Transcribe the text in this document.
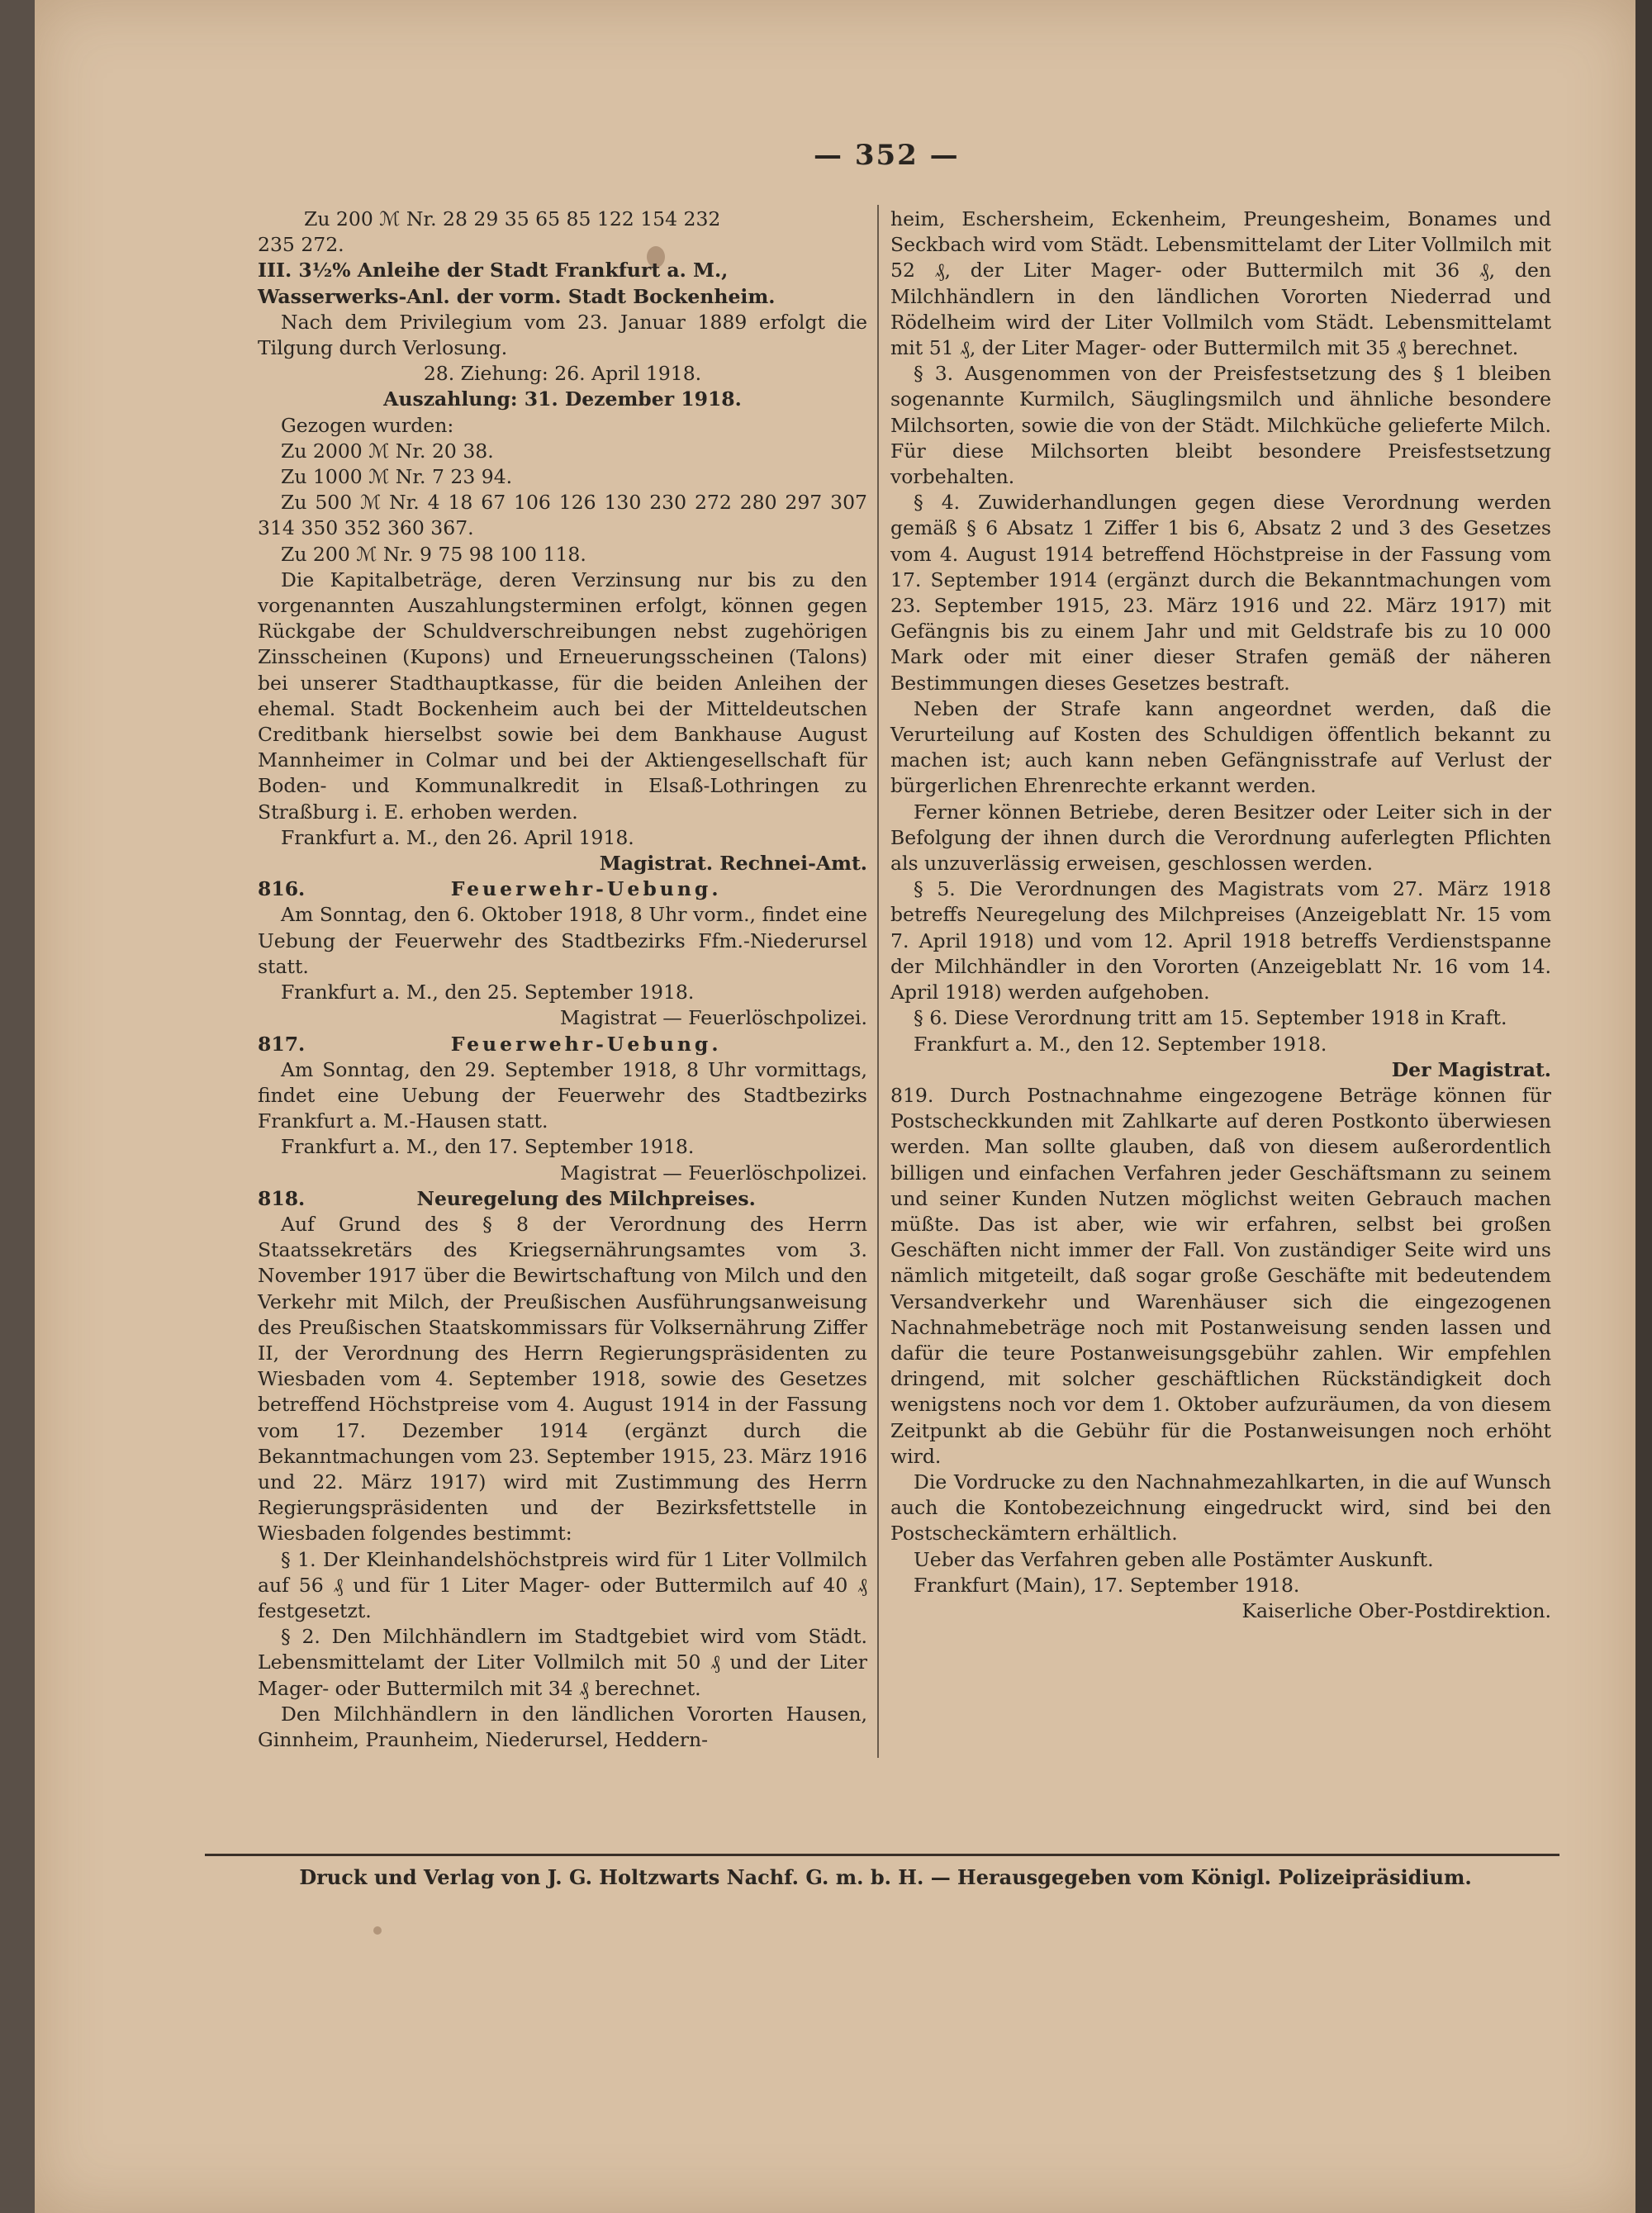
— 352 —

Zu 200 ℳ Nr. 28 29 35 65 85 122 154 232

235 272.

III. 3½% Anleihe der Stadt Frankfurt a. M.,

Wasserwerks-Anl. der vorm. Stadt Bockenheim.

Nach dem Privilegium vom 23. Januar 1889 erfolgt die Tilgung durch Verlosung.

28. Ziehung: 26. April 1918.

Auszahlung: 31. Dezember 1918.

Gezogen wurden:

Zu 2000 ℳ Nr. 20 38.

Zu 1000 ℳ Nr. 7 23 94.

Zu 500 ℳ Nr. 4 18 67 106 126 130 230 272 280 297 307 314 350 352 360 367.

Zu 200 ℳ Nr. 9 75 98 100 118.

Die Kapitalbeträge, deren Verzinsung nur bis zu den vorgenannten Auszahlungsterminen erfolgt, können gegen Rückgabe der Schuldverschreibungen nebst zugehörigen Zinsscheinen (Kupons) und Erneuerungsscheinen (Talons) bei unserer Stadthauptkasse, für die beiden Anleihen der ehemal. Stadt Bockenheim auch bei der Mitteldeutschen Creditbank hierselbst sowie bei dem Bankhause August Mannheimer in Colmar und bei der Aktiengesellschaft für Boden- und Kommunalkredit in Elsaß-Lothringen zu Straßburg i. E. erhoben werden.

Frankfurt a. M., den 26. April 1918.

Magistrat. Rechnei-Amt.

816.	Feuerwehr-Uebung.

Am Sonntag, den 6. Oktober 1918, 8 Uhr vorm., findet eine Uebung der Feuerwehr des Stadtbezirks Ffm.-Niederursel statt.

Frankfurt a. M., den 25. September 1918.

Magistrat — Feuerlöschpolizei.

817.	Feuerwehr-Uebung.

Am Sonntag, den 29. September 1918, 8 Uhr vormittags, findet eine Uebung der Feuerwehr des Stadtbezirks Frankfurt a. M.-Hausen statt.

Frankfurt a. M., den 17. September 1918.

Magistrat — Feuerlöschpolizei.

818.	Neuregelung des Milchpreises.

Auf Grund des § 8 der Verordnung des Herrn Staatssekretärs des Kriegsernährungsamtes vom 3. November 1917 über die Bewirtschaftung von Milch und den Verkehr mit Milch, der Preußischen Ausführungsanweisung des Preußischen Staatskommissars für Volksernährung Ziffer II, der Verordnung des Herrn Regierungspräsidenten zu Wiesbaden vom 4. September 1918, sowie des Gesetzes betreffend Höchstpreise vom 4. August 1914 in der Fassung vom 17. Dezember 1914 (ergänzt durch die Bekanntmachungen vom 23. September 1915, 23. März 1916 und 22. März 1917) wird mit Zustimmung des Herrn Regierungspräsidenten und der Bezirksfettstelle in Wiesbaden folgendes bestimmt:

§ 1. Der Kleinhandelshöchstpreis wird für 1 Liter Vollmilch auf 56 ₰ und für 1 Liter Mager- oder Buttermilch auf 40 ₰ festgesetzt.

§ 2. Den Milchhändlern im Stadtgebiet wird vom Städt. Lebensmittelamt der Liter Vollmilch mit 50 ₰ und der Liter Mager- oder Buttermilch mit 34 ₰ berechnet.

Den Milchhändlern in den ländlichen Vororten Hausen, Ginnheim, Praunheim, Niederursel, Heddern-

heim, Eschersheim, Eckenheim, Preungesheim, Bonames und Seckbach wird vom Städt. Lebensmittelamt der Liter Vollmilch mit 52 ₰, der Liter Mager- oder Buttermilch mit 36 ₰, den Milchhändlern in den ländlichen Vororten Niederrad und Rödelheim wird der Liter Vollmilch vom Städt. Lebensmittelamt mit 51 ₰, der Liter Mager- oder Buttermilch mit 35 ₰ berechnet.

§ 3. Ausgenommen von der Preisfestsetzung des § 1 bleiben sogenannte Kurmilch, Säuglingsmilch und ähnliche besondere Milchsorten, sowie die von der Städt. Milchküche gelieferte Milch. Für diese Milchsorten bleibt besondere Preisfestsetzung vorbehalten.

§ 4. Zuwiderhandlungen gegen diese Verordnung werden gemäß § 6 Absatz 1 Ziffer 1 bis 6, Absatz 2 und 3 des Gesetzes vom 4. August 1914 betreffend Höchstpreise in der Fassung vom 17. September 1914 (ergänzt durch die Bekanntmachungen vom 23. September 1915, 23. März 1916 und 22. März 1917) mit Gefängnis bis zu einem Jahr und mit Geldstrafe bis zu 10 000 Mark oder mit einer dieser Strafen gemäß der näheren Bestimmungen dieses Gesetzes bestraft.

Neben der Strafe kann angeordnet werden, daß die Verurteilung auf Kosten des Schuldigen öffentlich bekannt zu machen ist; auch kann neben Gefängnisstrafe auf Verlust der bürgerlichen Ehrenrechte erkannt werden.

Ferner können Betriebe, deren Besitzer oder Leiter sich in der Befolgung der ihnen durch die Verordnung auferlegten Pflichten als unzuverlässig erweisen, geschlossen werden.

§ 5. Die Verordnungen des Magistrats vom 27. März 1918 betreffs Neuregelung des Milchpreises (Anzeigeblatt Nr. 15 vom 7. April 1918) und vom 12. April 1918 betreffs Verdienstspanne der Milchhändler in den Vororten (Anzeigeblatt Nr. 16 vom 14. April 1918) werden aufgehoben.

§ 6. Diese Verordnung tritt am 15. September 1918 in Kraft.

Frankfurt a. M., den 12. September 1918.

Der Magistrat.

819. Durch Postnachnahme eingezogene Beträge können für Postscheckkunden mit Zahlkarte auf deren Postkonto überwiesen werden. Man sollte glauben, daß von diesem außerordentlich billigen und einfachen Verfahren jeder Geschäftsmann zu seinem und seiner Kunden Nutzen möglichst weiten Gebrauch machen müßte. Das ist aber, wie wir erfahren, selbst bei großen Geschäften nicht immer der Fall. Von zuständiger Seite wird uns nämlich mitgeteilt, daß sogar große Geschäfte mit bedeutendem Versandverkehr und Warenhäuser sich die eingezogenen Nachnahmebeträge noch mit Postanweisung senden lassen und dafür die teure Postanweisungsgebühr zahlen. Wir empfehlen dringend, mit solcher geschäftlichen Rückständigkeit doch wenigstens noch vor dem 1. Oktober aufzuräumen, da von diesem Zeitpunkt ab die Gebühr für die Postanweisungen noch erhöht wird.

Die Vordrucke zu den Nachnahmezahlkarten, in die auf Wunsch auch die Kontobezeichnung eingedruckt wird, sind bei den Postscheckämtern erhältlich.

Ueber das Verfahren geben alle Postämter Auskunft.

Frankfurt (Main), 17. September 1918.

Kaiserliche Ober-Postdirektion.

Druck und Verlag von J. G. Holtzwarts Nachf. G. m. b. H. — Herausgegeben vom Königl. Polizeipräsidium.
